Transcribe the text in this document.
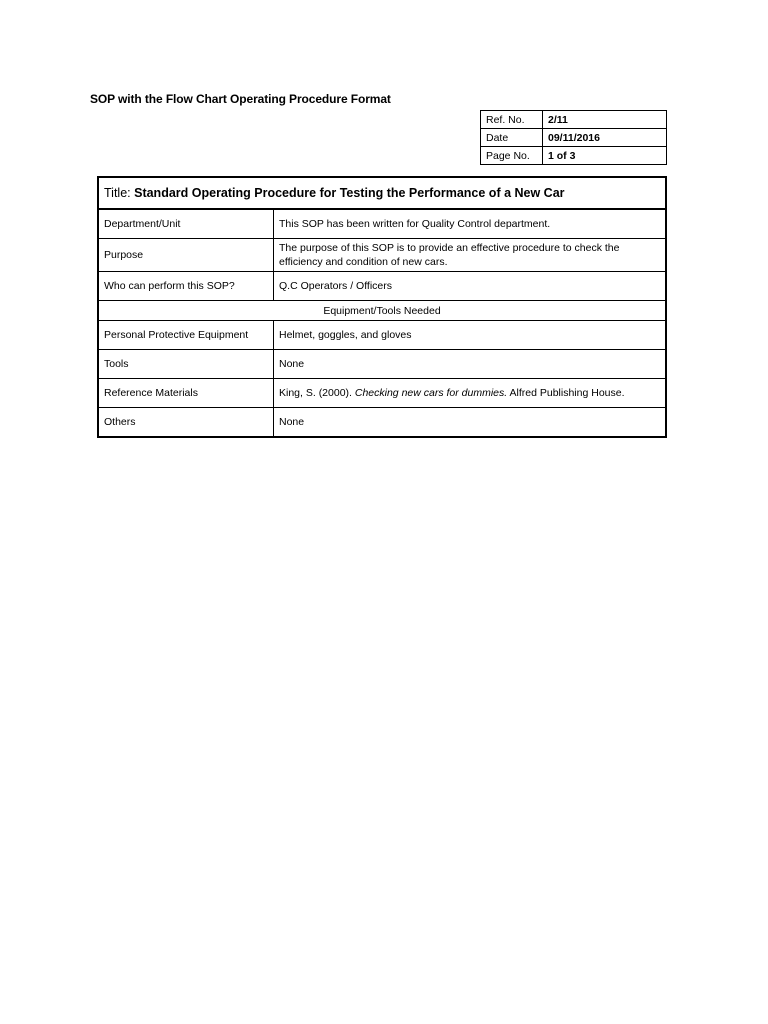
SOP with the Flow Chart Operating Procedure Format
Ref. No.	2/11
Date	09/11/2016
Page No.	1 of 3
Title: Standard Operating Procedure for Testing the Performance of a New Car	
Department/Unit	This SOP has been written for Quality Control department.
Purpose	The purpose of this SOP is to provide an effective procedure to check the efficiency and condition of new cars.
Who can perform this SOP?	Q.C Operators / Officers
Equipment/Tools Needed	
Personal Protective Equipment	Helmet, goggles, and gloves
Tools	None
Reference Materials	King, S. (2000). Checking new cars for dummies. Alfred Publishing House.
Others	None
